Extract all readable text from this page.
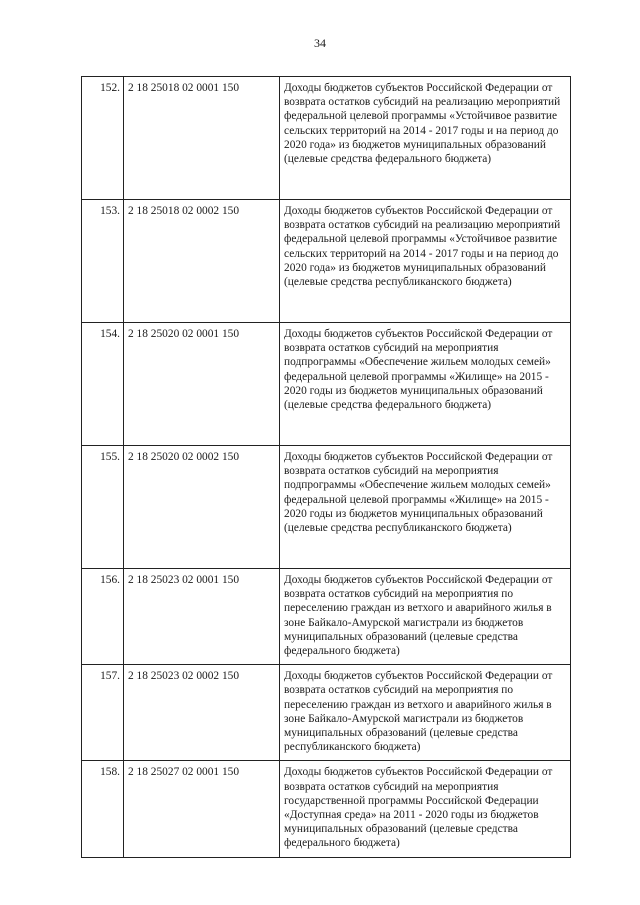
34
152.	2 18 25018 02 0001 150	Доходы бюджетов субъектов Российской Федерации от возврата остатков субсидий на реализацию мероприятий федеральной целевой программы «Устойчивое развитие сельских территорий на 2014 - 2017 годы и на период до 2020 года» из бюджетов муниципальных образований (целевые средства федерального бюджета)
153.	2 18 25018 02 0002 150	Доходы бюджетов субъектов Российской Федерации от возврата остатков субсидий на реализацию мероприятий федеральной целевой программы «Устойчивое развитие сельских территорий на 2014 - 2017 годы и на период до 2020 года» из бюджетов муниципальных образований (целевые средства республиканского бюджета)
154.	2 18 25020 02 0001 150	Доходы бюджетов субъектов Российской Федерации от возврата остатков субсидий на мероприятия подпрограммы «Обеспечение жильем молодых семей» федеральной целевой программы «Жилище» на 2015 - 2020 годы из бюджетов муниципальных образований (целевые средства федерального бюджета)
155.	2 18 25020 02 0002 150	Доходы бюджетов субъектов Российской Федерации от возврата остатков субсидий на мероприятия подпрограммы «Обеспечение жильем молодых семей» федеральной целевой программы «Жилище» на 2015 - 2020 годы из бюджетов муниципальных образований (целевые средства республиканского бюджета)
156.	2 18 25023 02 0001 150	Доходы бюджетов субъектов Российской Федерации от возврата остатков субсидий на мероприятия по переселению граждан из ветхого и аварийного жилья в зоне Байкало-Амурской магистрали из бюджетов муниципальных образований (целевые средства федерального бюджета)
157.	2 18 25023 02 0002 150	Доходы бюджетов субъектов Российской Федерации от возврата остатков субсидий на мероприятия по переселению граждан из ветхого и аварийного жилья в зоне Байкало-Амурской магистрали из бюджетов муниципальных образований (целевые средства республиканского бюджета)
158.	2 18 25027 02 0001 150	Доходы бюджетов субъектов Российской Федерации от возврата остатков субсидий на мероприятия государственной программы Российской Федерации «Доступная среда» на 2011 - 2020 годы из бюджетов муниципальных образований (целевые средства федерального бюджета)
